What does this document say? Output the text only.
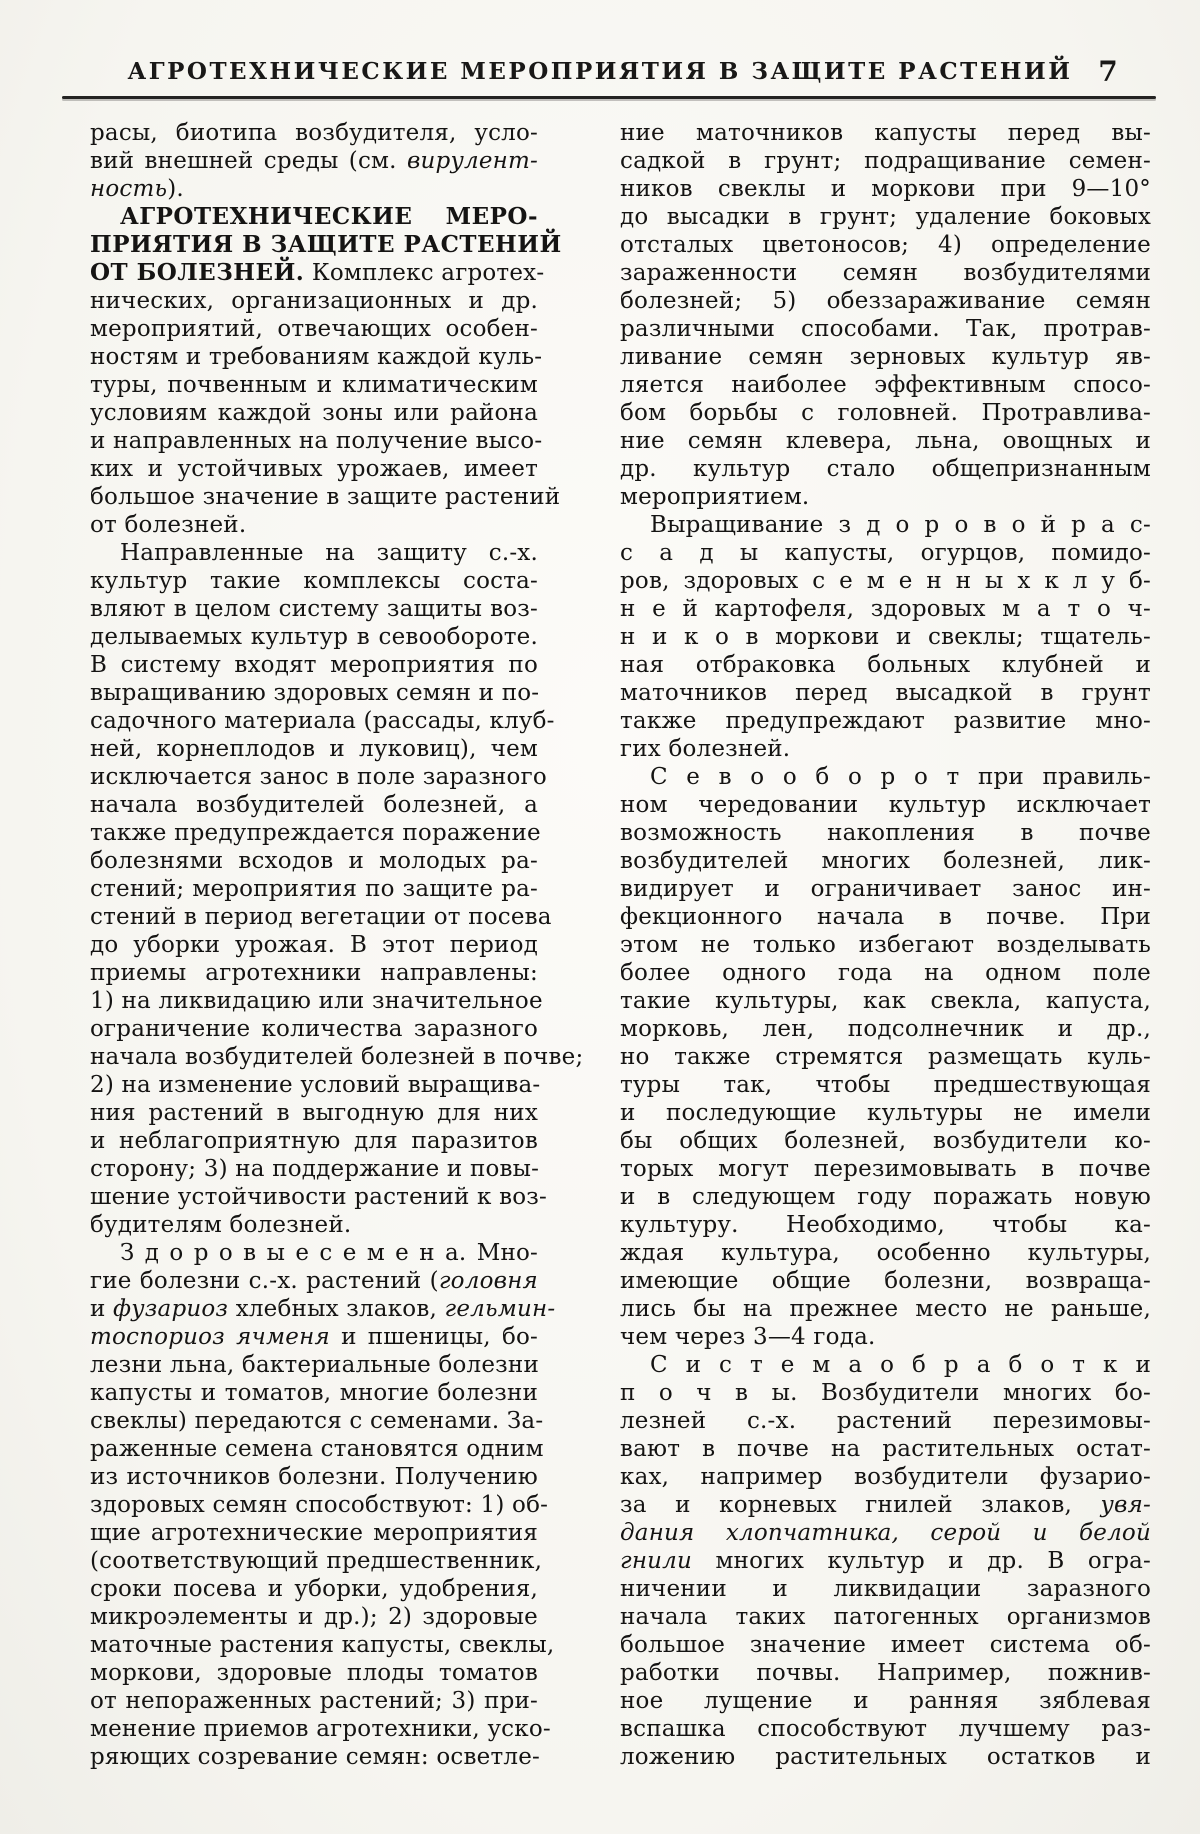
АГРОТЕХНИЧЕСКИЕ МЕРОПРИЯТИЯ В ЗАЩИТЕ РАСТЕНИЙ 7
расы, биотипа возбудителя, усло-
вий внешней среды (см. вирулент-
ность).
АГРОТЕХНИЧЕСКИЕ МЕРО-
ПРИЯТИЯ В ЗАЩИТЕ РАСТЕНИЙ
ОТ БОЛЕЗНЕЙ. Комплекс агротех-
нических, организационных и др.
мероприятий, отвечающих особен-
ностям и требованиям каждой куль-
туры, почвенным и климатическим
условиям каждой зоны или района
и направленных на получение высо-
ких и устойчивых урожаев, имеет
большое значение в защите растений
от болезней.
Направленные на защиту с.-х.
культур такие комплексы соста-
вляют в целом систему защиты воз-
делываемых культур в севообороте.
В систему входят мероприятия по
выращиванию здоровых семян и по-
садочного материала (рассады, клуб-
ней, корнеплодов и луковиц), чем
исключается занос в поле заразного
начала возбудителей болезней, а
также предупреждается поражение
болезнями всходов и молодых ра-
стений; мероприятия по защите ра-
стений в период вегетации от посева
до уборки урожая. В этот период
приемы агротехники направлены:
1) на ликвидацию или значительное
ограничение количества заразного
начала возбудителей болезней в почве;
2) на изменение условий выращива-
ния растений в выгодную для них
и неблагоприятную для паразитов
сторону; 3) на поддержание и повы-
шение устойчивости растений к воз-
будителям болезней.
З д о р о в ы е с е м е н а. Мно-
гие болезни с.-х. растений (головня
и фузариоз хлебных злаков, гельмин-
тоспориоз ячменя и пшеницы, бо-
лезни льна, бактериальные болезни
капусты и томатов, многие болезни
свеклы) передаются с семенами. За-
раженные семена становятся одним
из источников болезни. Получению
здоровых семян способствуют: 1) об-
щие агротехнические мероприятия
(соответствующий предшественник,
сроки посева и уборки, удобрения,
микроэлементы и др.); 2) здоровые
маточные растения капусты, свеклы,
моркови, здоровые плоды томатов
от непораженных растений; 3) при-
менение приемов агротехники, уско-
ряющих созревание семян: осветле-
ние маточников капусты перед вы-
садкой в грунт; подращивание семен-
ников свеклы и моркови при 9—10°
до высадки в грунт; удаление боковых
отсталых цветоносов; 4) определение
зараженности семян возбудителями
болезней; 5) обеззараживание семян
различными способами. Так, протрав-
ливание семян зерновых культур яв-
ляется наиболее эффективным спосо-
бом борьбы с головней. Протравлива-
ние семян клевера, льна, овощных и
др. культур стало общепризнанным
мероприятием.
Выращивание з д о р о в о й р а с-
с а д ы капусты, огурцов, помидо-
ров, здоровых с е м е н н ы х к л у б-
н е й картофеля, здоровых м а т о ч-
н и к о в моркови и свеклы; тщатель-
ная отбраковка больных клубней и
маточников перед высадкой в грунт
также предупреждают развитие мно-
гих болезней.
С е в о о б о р о т при правиль-
ном чередовании культур исключает
возможность накопления в почве
возбудителей многих болезней, лик-
видирует и ограничивает занос ин-
фекционного начала в почве. При
этом не только избегают возделывать
более одного года на одном поле
такие культуры, как свекла, капуста,
морковь, лен, подсолнечник и др.,
но также стремятся размещать куль-
туры так, чтобы предшествующая
и последующие культуры не имели
бы общих болезней, возбудители ко-
торых могут перезимовывать в почве
и в следующем году поражать новую
культуру. Необходимо, чтобы ка-
ждая культура, особенно культуры,
имеющие общие болезни, возвраща-
лись бы на прежнее место не раньше,
чем через 3—4 года.
С и с т е м а о б р а б о т к и
п о ч в ы. Возбудители многих бо-
лезней с.-х. растений перезимовы-
вают в почве на растительных остат-
ках, например возбудители фузарио-
за и корневых гнилей злаков, увя-
дания хлопчатника, серой и белой
гнили многих культур и др. В огра-
ничении и ликвидации заразного
начала таких патогенных организмов
большое значение имеет система об-
работки почвы. Например, пожнив-
ное лущение и ранняя зяблевая
вспашка способствуют лучшему раз-
ложению растительных остатков и
